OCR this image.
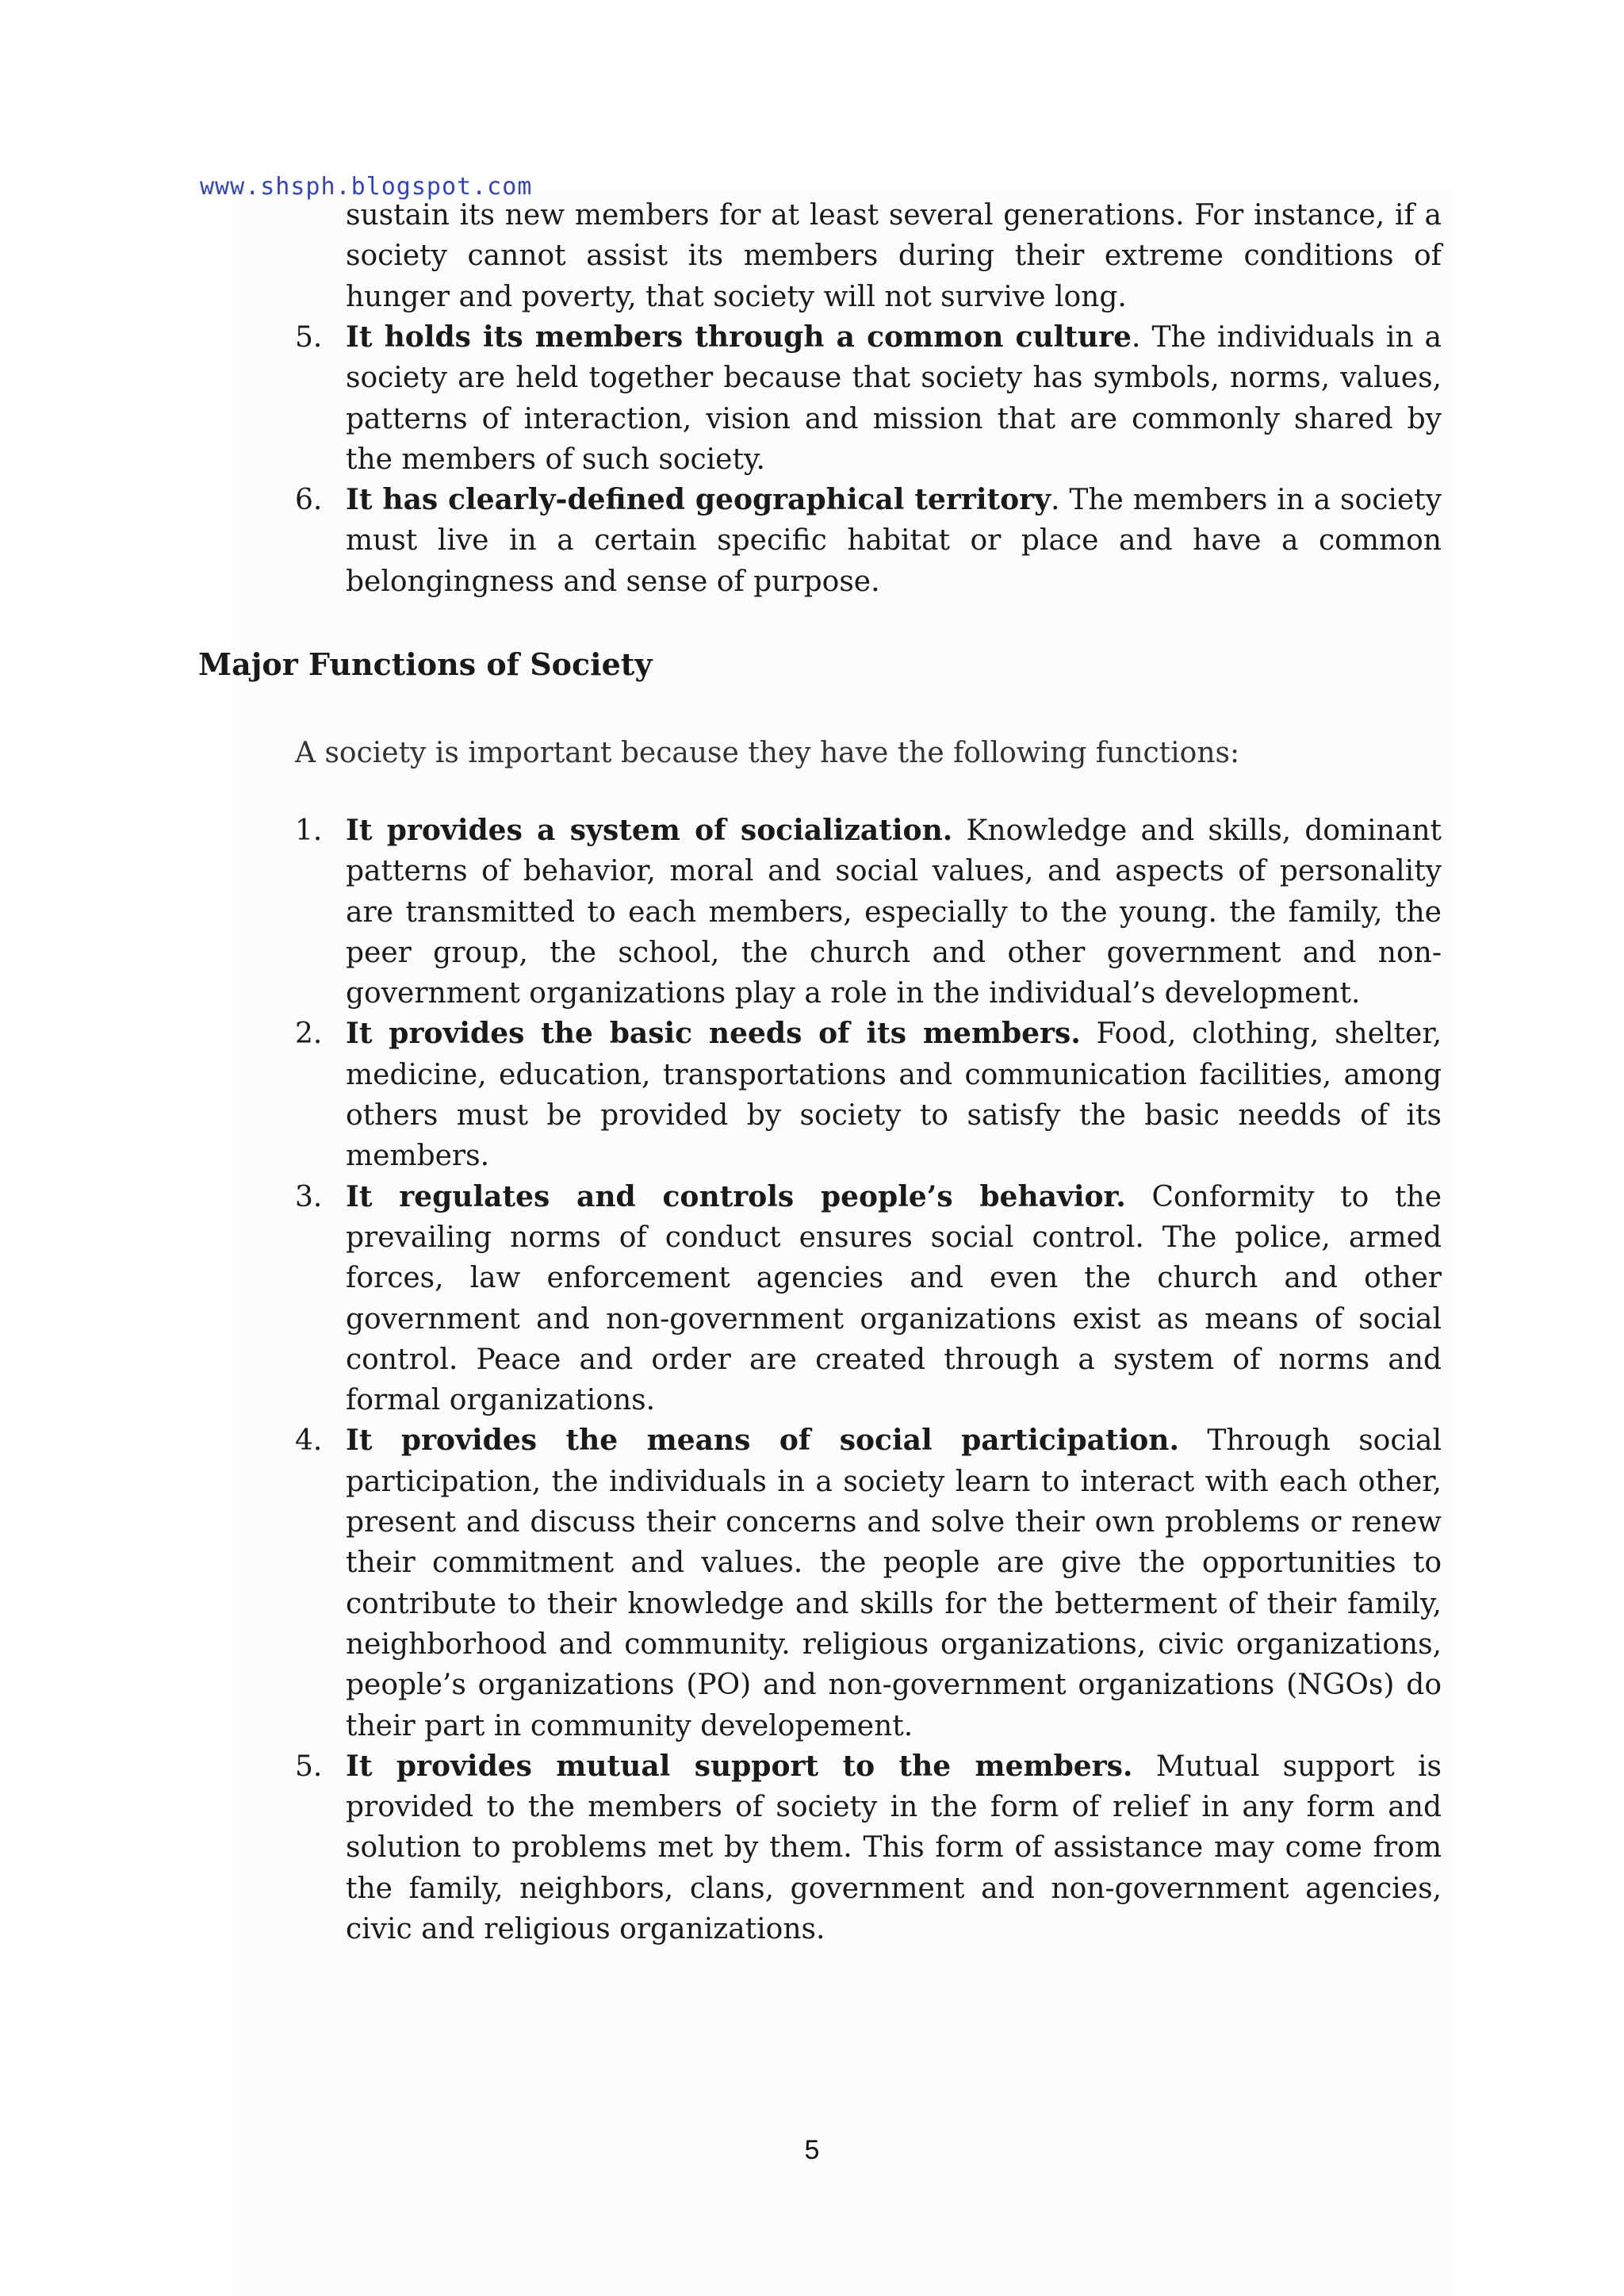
www.shsph.blogspot.com
sustain its new members for at least several generations. For instance, if a society cannot assist its members during their extreme conditions of hunger and poverty, that society will not survive long.
5. It holds its members through a common culture. The individuals in a society are held together because that society has symbols, norms, values, patterns of interaction, vision and mission that are commonly shared by the members of such society.
6. It has clearly-defined geographical territory. The members in a society must live in a certain specific habitat or place and have a common belongingness and sense of purpose.
Major Functions of Society
A society is important because they have the following functions:
1. It provides a system of socialization. Knowledge and skills, dominant patterns of behavior, moral and social values, and aspects of personality are transmitted to each members, especially to the young. the family, the peer group, the school, the church and other government and non-government organizations play a role in the individual’s development.
2. It provides the basic needs of its members. Food, clothing, shelter, medicine, education, transportations and communication facilities, among others must be provided by society to satisfy the basic needds of its members.
3. It regulates and controls people’s behavior. Conformity to the prevailing norms of conduct ensures social control. The police, armed forces, law enforcement agencies and even the church and other government and non-government organizations exist as means of social control. Peace and order are created through a system of norms and formal organizations.
4. It provides the means of social participation. Through social participation, the individuals in a society learn to interact with each other, present and discuss their concerns and solve their own problems or renew their commitment and values. the people are give the opportunities to contribute to their knowledge and skills for the betterment of their family, neighborhood and community. religious organizations, civic organizations, people’s organizations (PO) and non-government organizations (NGOs) do their part in community developement.
5. It provides mutual support to the members. Mutual support is provided to the members of society in the form of relief in any form and solution to problems met by them. This form of assistance may come from the family, neighbors, clans, government and non-government agencies, civic and religious organizations.
5
